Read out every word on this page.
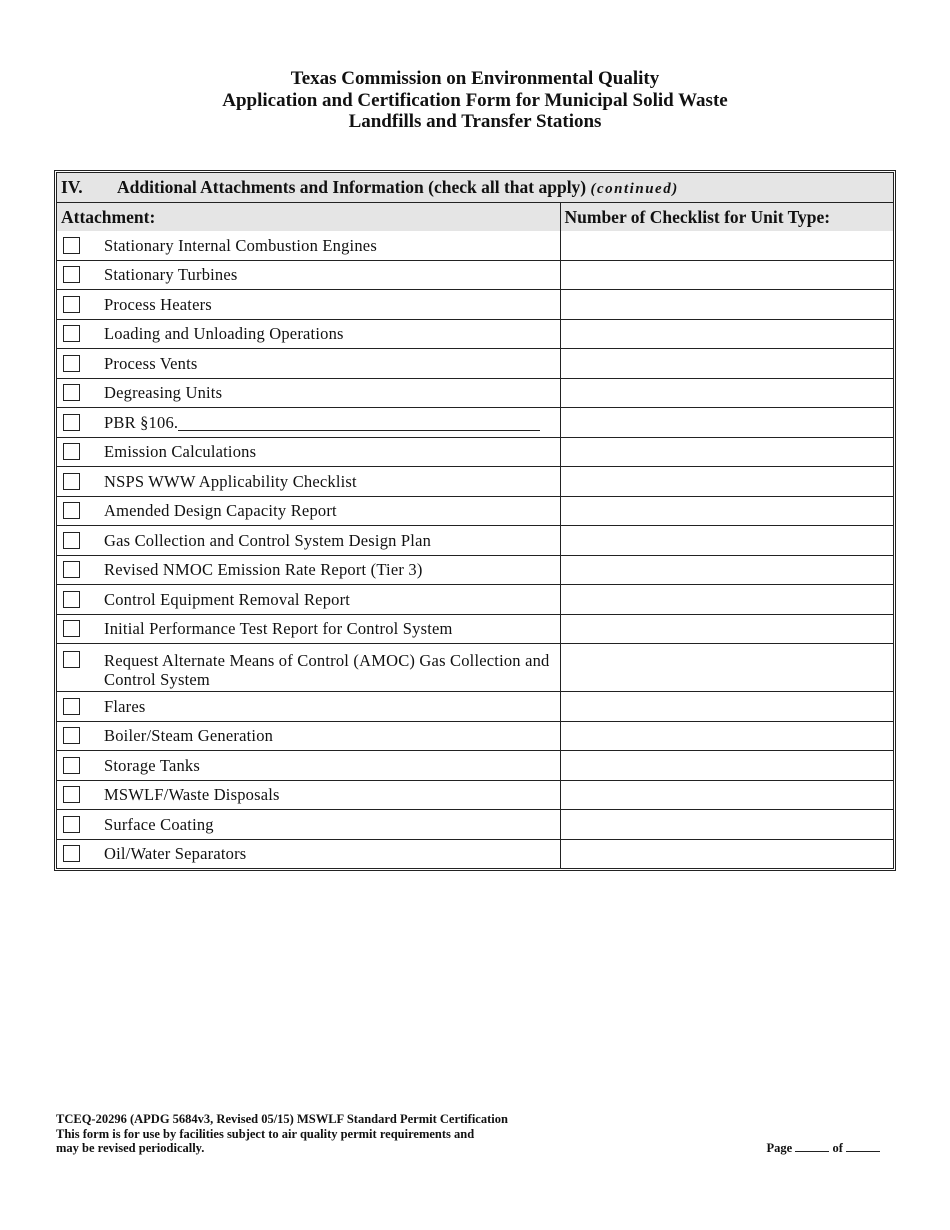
Texas Commission on Environmental Quality
Application and Certification Form for Municipal Solid Waste
Landfills and Transfer Stations
IV. Additional Attachments and Information (check all that apply) (continued)	
Attachment:	Number of Checklist for Unit Type:

Stationary Internal Combustion Engines	

Stationary Turbines	

Process Heaters	

Loading and Unloading Operations	

Process Vents	

Degreasing Units	

PBR §106.	

Emission Calculations	

NSPS WWW Applicability Checklist	

Amended Design Capacity Report	

Gas Collection and Control System Design Plan	

Revised NMOC Emission Rate Report (Tier 3)	

Control Equipment Removal Report	

Initial Performance Test Report for Control System	

Request Alternate Means of Control (AMOC) Gas Collection and Control System	

Flares	

Boiler/Steam Generation	

Storage Tanks	

MSWLF/Waste Disposals	

Surface Coating	

Oil/Water Separators	

TCEQ-20296 (APDG 5684v3, Revised 05/15) MSWLF Standard Permit Certification
This form is for use by facilities subject to air quality permit requirements and
may be revised periodically.	Page	of
